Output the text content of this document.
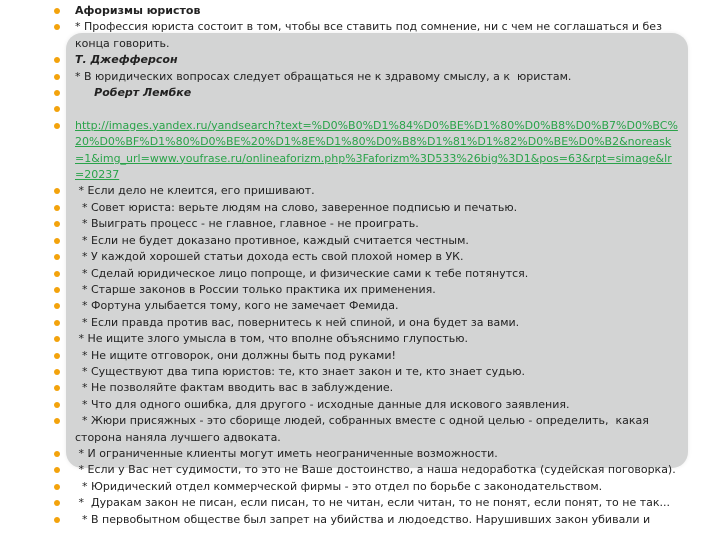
Афоризмы юристов
* Профессия юриста состоит в том, чтобы все ставить под сомнение, ни с чем не соглашаться и без конца говорить.
Т. Джефферсон
* В юридических вопросах следует обращаться не к здравому смыслу, а к  юристам.
Роберт Лембке

http://images.yandex.ru/yandsearch?text=%D0%B0%D1%84%D0%BE%D1%80%D0%B8%D0%B7%D0%BC%20%D0%BF%D1%80%D0%BE%20%D1%8E%D1%80%D0%B8%D1%81%D1%82%D0%BE%D0%B2&noreask=1&img_url=www.youfrase.ru/onlineaforizm.php%3Faforizm%3D533%26big%3D1&pos=63&rpt=simage&lr=20237
* Если дело не клеится, его пришивают.
* Совет юриста: верьте людям на слово, заверенное подписью и печатью.
* Выиграть процесс - не главное, главное - не проиграть.
* Если не будет доказано противное, каждый считается честным.
* У каждой хорошей статьи дохода есть свой плохой номер в УК.
* Сделай юридическое лицо попроще, и физические сами к тебе потянутся.
* Старше законов в России только практика их применения.
* Фортуна улыбается тому, кого не замечает Фемида.
* Если правда против вас, повернитесь к ней спиной, и она будет за вами.
* Не ищите злого умысла в том, что вполне объяснимо глупостью.
* Не ищите отговорок, они должны быть под руками!
* Существуют два типа юристов: те, кто знает закон и те, кто знает судью.
* Не позволяйте фактам вводить вас в заблуждение.
* Что для одного ошибка, для другого - исходные данные для искового заявления.
* Жюри присяжных - это сборище людей, собранных вместе с одной целью - определить,  какая сторона наняла лучшего адвоката.
* И ограниченные клиенты могут иметь неограниченные возможности.
* Если у Вас нет судимости, то это не Ваше достоинство, а наша недоработка (судейская поговорка).
* Юридический отдел коммерческой фирмы - это отдел по борьбе с законодательством.
*  Дуракам закон не писан, если писан, то не читан, если читан, то не понят, если понят, то не так...
* В первобытном обществе был запрет на убийства и людоедство. Нарушивших закон убивали и
